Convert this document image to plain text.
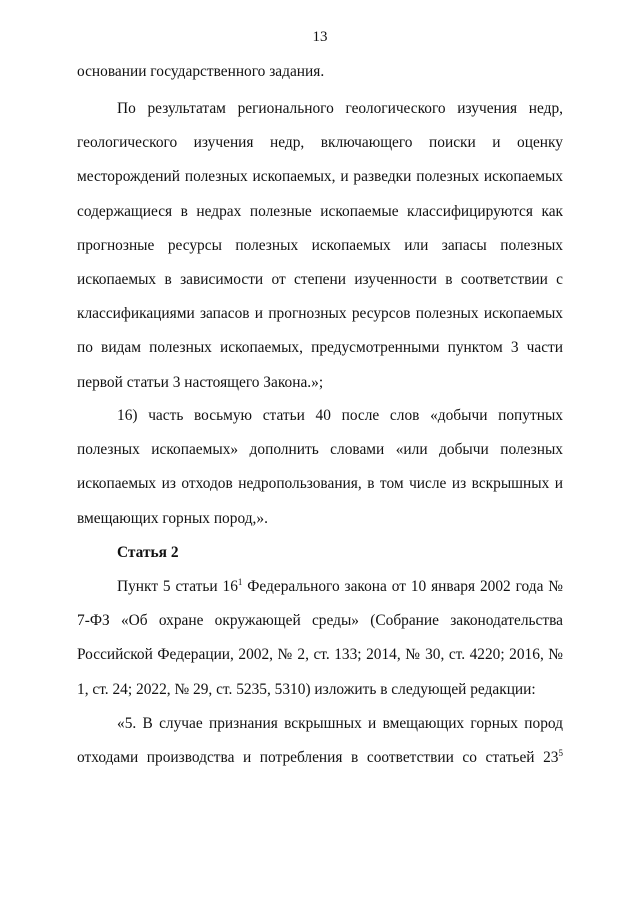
13

основании государственного задания.

По результатам регионального геологического изучения недр, геологического изучения недр, включающего поиски и оценку месторождений полезных ископаемых, и разведки полезных ископаемых содержащиеся в недрах полезные ископаемые классифицируются как прогнозные ресурсы полезных ископаемых или запасы полезных ископаемых в зависимости от степени изученности в соответствии с классификациями запасов и прогнозных ресурсов полезных ископаемых по видам полезных ископаемых, предусмотренными пунктом 3 части первой статьи 3 настоящего Закона.»;

16) часть восьмую статьи 40 после слов «добычи попутных полезных ископаемых» дополнить словами «или добычи полезных ископаемых из отходов недропользования, в том числе из вскрышных и вмещающих горных пород,».

Статья 2

Пункт 5 статьи $16^1$ Федерального закона от 10 января 2002 года № 7-ФЗ «Об охране окружающей среды» (Собрание законодательства Российской Федерации, 2002, № 2, ст. 133; 2014, № 30, ст. 4220; 2016, № 1, ст. 24; 2022, № 29, ст. 5235, 5310) изложить в следующей редакции:

«5. В случае признания вскрышных и вмещающих горных пород отходами производства и потребления в соответствии со статьей $23^5$
